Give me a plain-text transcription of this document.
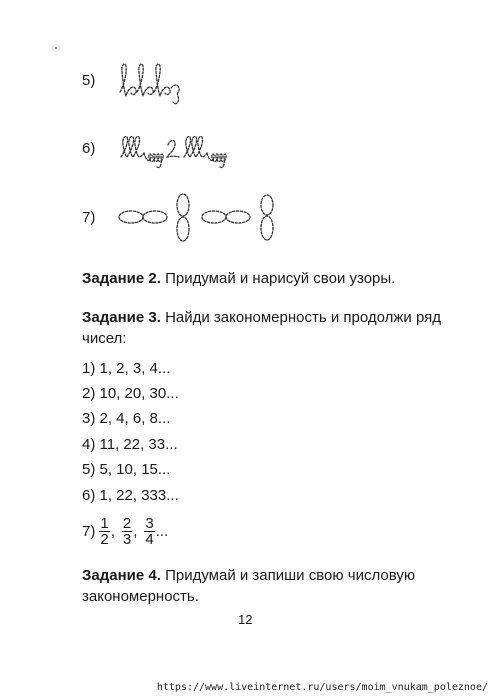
5)
6)
7)
Задание 2. Придумай и нарисуй свои узоры.
Задание 3. Найди закономерность и продолжи ряд чисел:
1) 1, 2, 3, 4...
2) 10, 20, 30...
3) 2, 4, 6, 8...
4) 11, 22, 33...
5) 5, 10, 15...
6) 1, 22, 333...
$7) \frac{1}{2}$ , $\frac{2}{3}$ , $\frac{3}{4}$ ...
Задание 4. Придумай и запиши свою числовую закономерность.
12
https://www.liveinternet.ru/users/moim_vnukam_poleznoe/
